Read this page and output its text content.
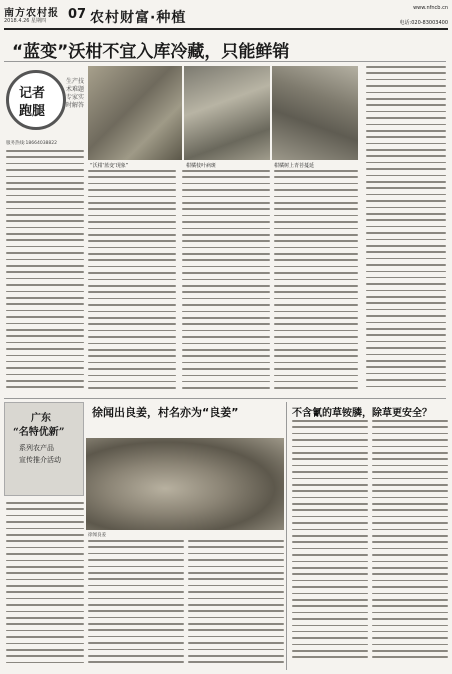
南方农村报
2018.4.26 星期四 07 农村财富·种植
www.nfncb.cn
电话:020-83003400
“蓝变”沃柑不宜入库冷藏，只能鲜销
记者
跑腿
生产技术难题 专家实时解答
服务热线:18664038822
“沃柑‘蓝变’现象”	柑橘枝叶病斑	柑橘树上青苔蔓延
广东
“名特优新”
系列农产品
宣传推介活动
徐闻出良姜，村名亦为“良姜”
徐闻良姜
不含氰的草铵膦，除草更安全？
